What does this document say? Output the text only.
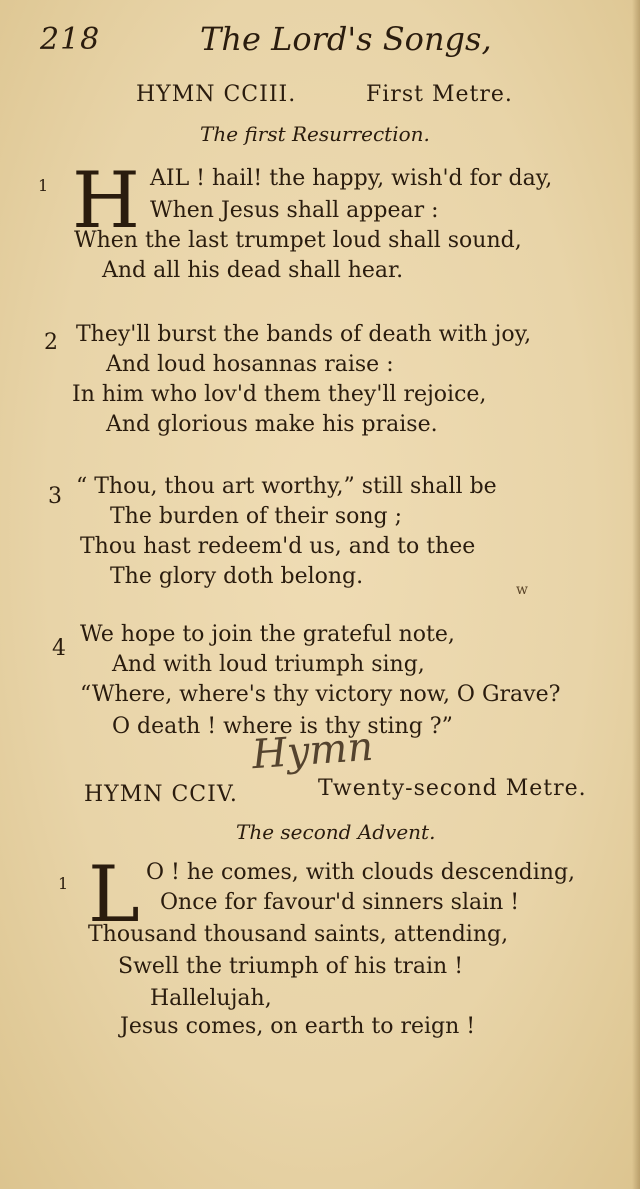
218	The Lord's Songs,
HYMN CCIII.	First Metre.
The first Resurrection.
1 H AIL ! hail! the happy, wish'd for day,
When Jesus shall appear :
When the last trumpet loud shall sound,
And all his dead shall hear.
2 They'll burst the bands of death with joy,
And loud hosannas raise :
In him who lov'd them they'll rejoice,
And glorious make his praise.
3 “ Thou, thou art worthy,” still shall be
The burden of their song ;
Thou hast redeem'd us, and to thee
The glory doth belong.
w
4
We hope to join the grateful note,
And with loud triumph sing,
“Where, where's thy victory now, O Grave?
O death ! where is thy sting ?”
Hymn
HYMN CCIV.	Twenty-second Metre.
The second Advent.
1 L O ! he comes, with clouds descending,
Once for favour'd sinners slain !
Thousand thousand saints, attending,
Swell the triumph of his train !
Hallelujah,
Jesus comes, on earth to reign !
